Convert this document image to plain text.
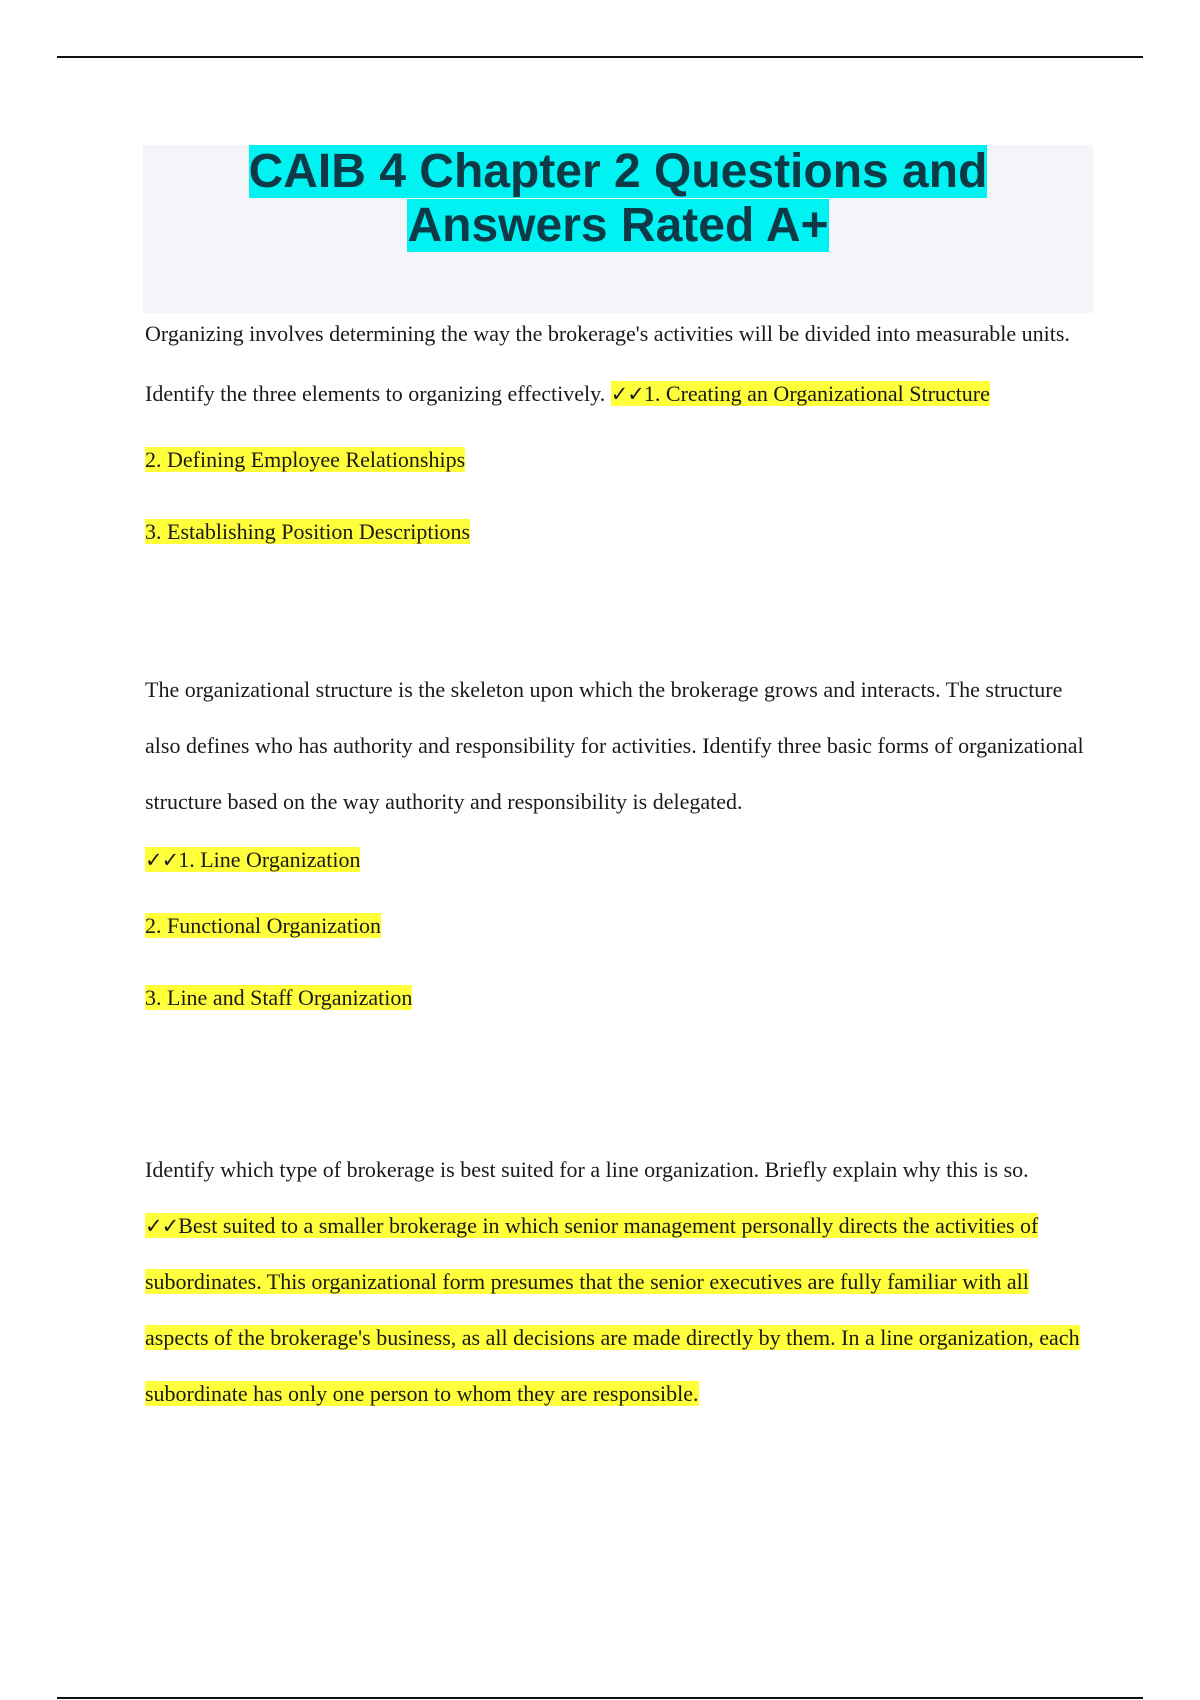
CAIB 4 Chapter 2 Questions and
Answers Rated A+

Organizing involves determining the way the brokerage's activities will be divided into measurable units. Identify the three elements to organizing effectively. ✓✓1. Creating an Organizational Structure

2. Defining Employee Relationships

3. Establishing Position Descriptions

The organizational structure is the skeleton upon which the brokerage grows and interacts. The structure also defines who has authority and responsibility for activities. Identify three basic forms of organizational structure based on the way authority and responsibility is delegated.

✓✓1. Line Organization

2. Functional Organization

3. Line and Staff Organization

Identify which type of brokerage is best suited for a line organization. Briefly explain why this is so. ✓✓Best suited to a smaller brokerage in which senior management personally directs the activities of subordinates. This organizational form presumes that the senior executives are fully familiar with all aspects of the brokerage's business, as all decisions are made directly by them. In a line organization, each subordinate has only one person to whom they are responsible.
